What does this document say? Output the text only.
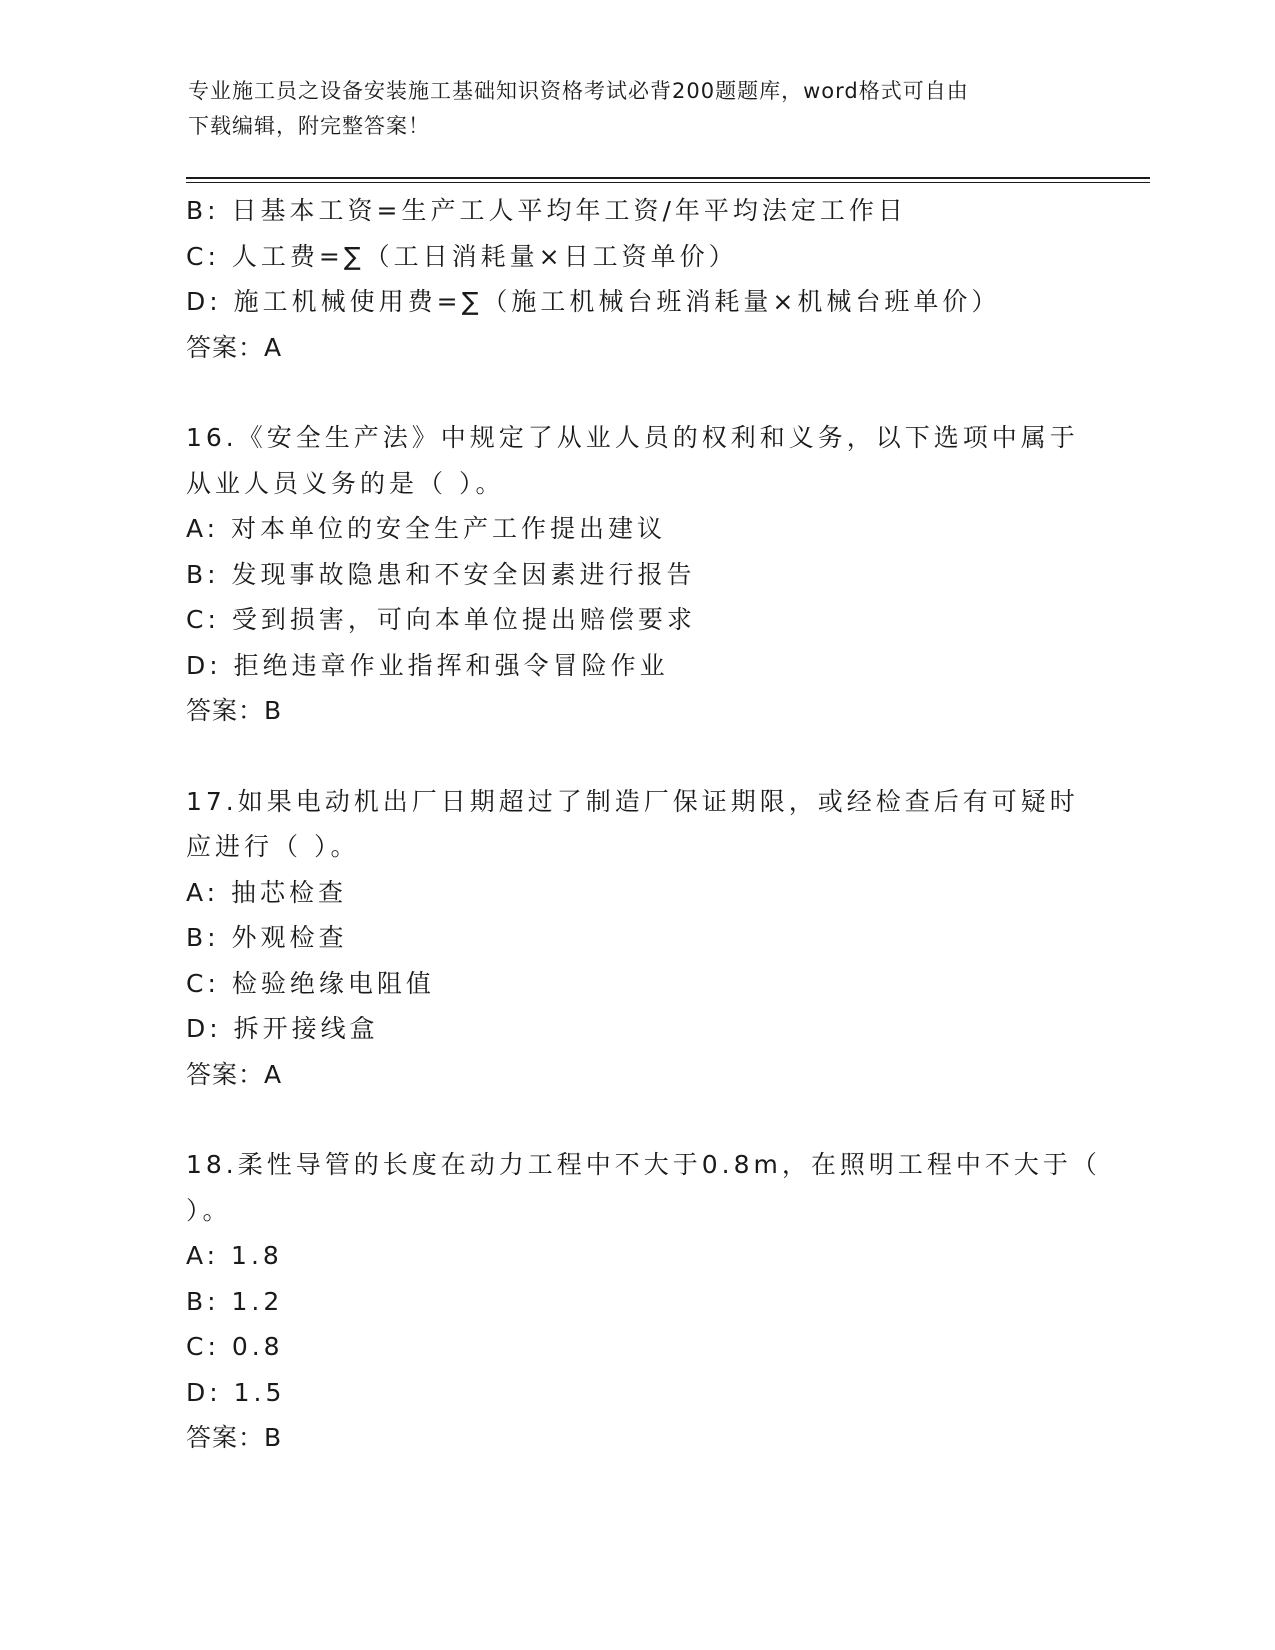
专业施工员之设备安装施工基础知识资格考试必背200题题库，word格式可自由
下载编辑，附完整答案！
B: 日基本工资=生产工人平均年工资/年平均法定工作日
C: 人工费=∑（工日消耗量×日工资单价）
D: 施工机械使用费=∑（施工机械台班消耗量×机械台班单价）
答案：A
16.《安全生产法》中规定了从业人员的权利和义务，以下选项中属于
从业人员义务的是（ ）。
A: 对本单位的安全生产工作提出建议
B: 发现事故隐患和不安全因素进行报告
C: 受到损害，可向本单位提出赔偿要求
D: 拒绝违章作业指挥和强令冒险作业
答案：B
17.如果电动机出厂日期超过了制造厂保证期限，或经检查后有可疑时
应进行（ ）。
A: 抽芯检查
B: 外观检查
C: 检验绝缘电阻值
D: 拆开接线盒
答案：A
18.柔性导管的长度在动力工程中不大于0.8m，在照明工程中不大于（
）。
A: 1.8
B: 1.2
C: 0.8
D: 1.5
答案：B
